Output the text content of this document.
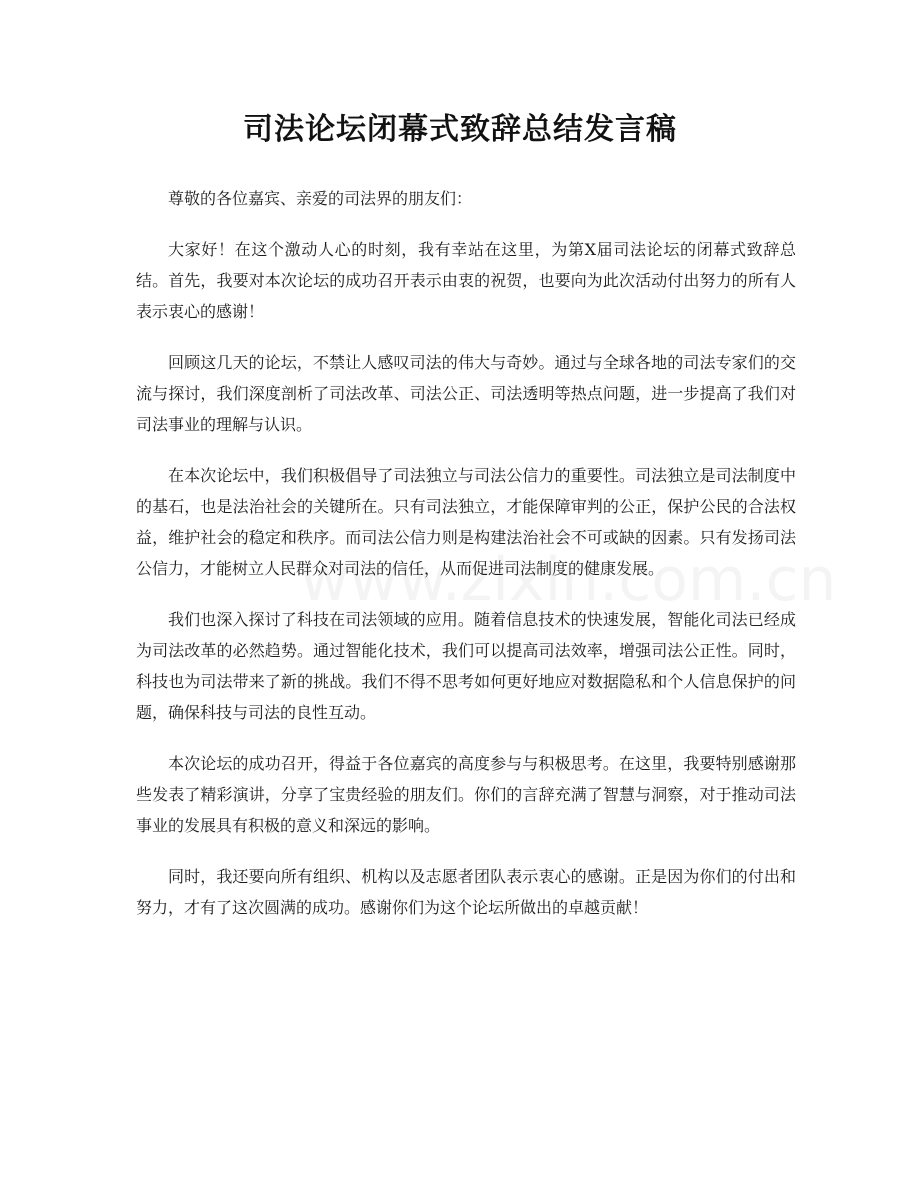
司法论坛闭幕式致辞总结发言稿

尊敬的各位嘉宾、亲爱的司法界的朋友们：

大家好！在这个激动人心的时刻，我有幸站在这里，为第X届司法论坛的闭幕式致辞总结。首先，我要对本次论坛的成功召开表示由衷的祝贺，也要向为此次活动付出努力的所有人表示衷心的感谢！

回顾这几天的论坛，不禁让人感叹司法的伟大与奇妙。通过与全球各地的司法专家们的交流与探讨，我们深度剖析了司法改革、司法公正、司法透明等热点问题，进一步提高了我们对司法事业的理解与认识。

在本次论坛中，我们积极倡导了司法独立与司法公信力的重要性。司法独立是司法制度中的基石，也是法治社会的关键所在。只有司法独立，才能保障审判的公正，保护公民的合法权益，维护社会的稳定和秩序。而司法公信力则是构建法治社会不可或缺的因素。只有发扬司法公信力，才能树立人民群众对司法的信任，从而促进司法制度的健康发展。

我们也深入探讨了科技在司法领域的应用。随着信息技术的快速发展，智能化司法已经成为司法改革的必然趋势。通过智能化技术，我们可以提高司法效率，增强司法公正性。同时，科技也为司法带来了新的挑战。我们不得不思考如何更好地应对数据隐私和个人信息保护的问题，确保科技与司法的良性互动。

本次论坛的成功召开，得益于各位嘉宾的高度参与与积极思考。在这里，我要特别感谢那些发表了精彩演讲，分享了宝贵经验的朋友们。你们的言辞充满了智慧与洞察，对于推动司法事业的发展具有积极的意义和深远的影响。

同时，我还要向所有组织、机构以及志愿者团队表示衷心的感谢。正是因为你们的付出和努力，才有了这次圆满的成功。感谢你们为这个论坛所做出的卓越贡献！
